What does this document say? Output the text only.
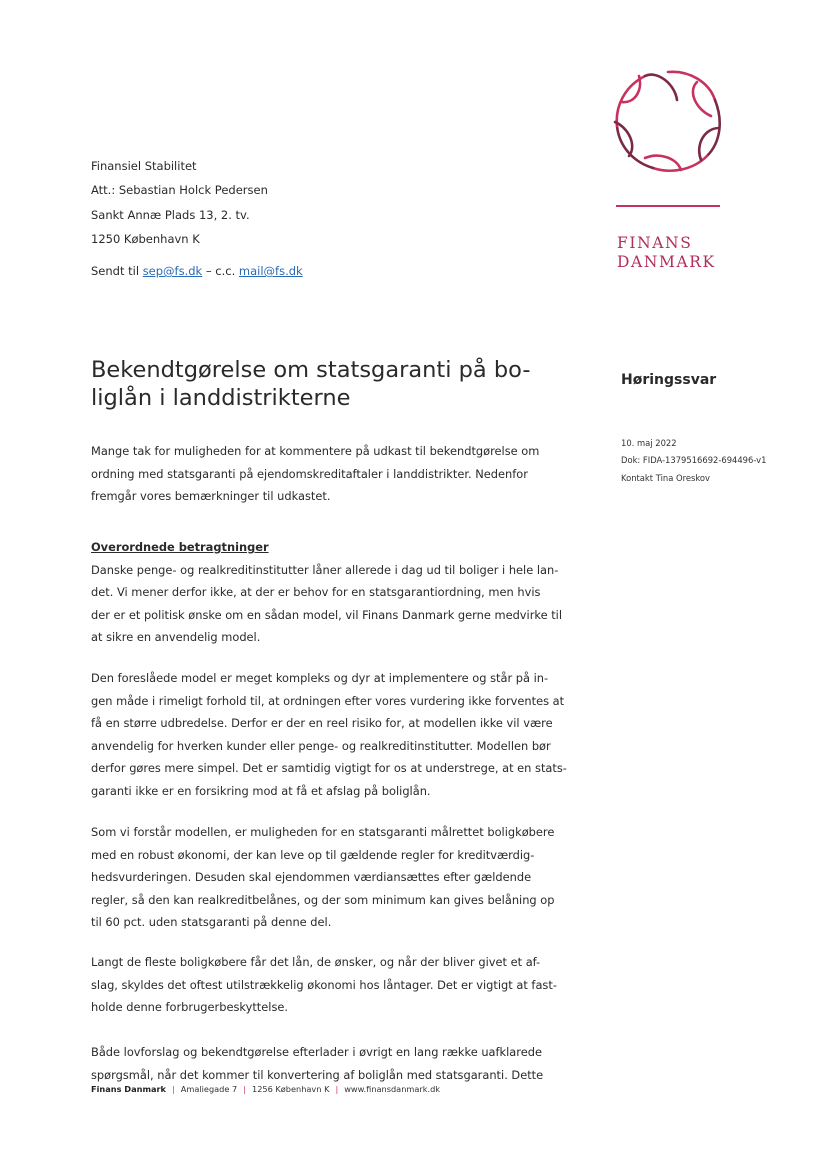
Finansiel Stabilitet
Att.: Sebastian Holck Pedersen
Sankt Annæ Plads 13, 2. tv.
1250 København K
Sendt til sep@fs.dk – c.c. mail@fs.dk
FINANS
DANMARK
Bekendtgørelse om statsgaranti på bo-liglån i landdistrikterne
Høringssvar
10. maj 2022
Dok: FIDA-1379516692-694496-v1
Kontakt Tina Oreskov
Mange tak for muligheden for at kommentere på udkast til bekendtgørelse om
ordning med statsgaranti på ejendomskreditaftaler i landdistrikter. Nedenfor
fremgår vores bemærkninger til udkastet.
Overordnede betragtninger
Danske penge- og realkreditinstitutter låner allerede i dag ud til boliger i hele lan-
det. Vi mener derfor ikke, at der er behov for en statsgarantiordning, men hvis
der er et politisk ønske om en sådan model, vil Finans Danmark gerne medvirke til
at sikre en anvendelig model.
Den foreslåede model er meget kompleks og dyr at implementere og står på in-
gen måde i rimeligt forhold til, at ordningen efter vores vurdering ikke forventes at
få en større udbredelse. Derfor er der en reel risiko for, at modellen ikke vil være
anvendelig for hverken kunder eller penge- og realkreditinstitutter. Modellen bør
derfor gøres mere simpel. Det er samtidig vigtigt for os at understrege, at en stats-
garanti ikke er en forsikring mod at få et afslag på boliglån.
Som vi forstår modellen, er muligheden for en statsgaranti målrettet boligkøbere
med en robust økonomi, der kan leve op til gældende regler for kreditværdig-
hedsvurderingen. Desuden skal ejendommen værdiansættes efter gældende
regler, så den kan realkreditbelånes, og der som minimum kan gives belåning op
til 60 pct. uden statsgaranti på denne del.
Langt de fleste boligkøbere får det lån, de ønsker, og når der bliver givet et af-
slag, skyldes det oftest utilstrækkelig økonomi hos låntager. Det er vigtigt at fast-
holde denne forbrugerbeskyttelse.
Både lovforslag og bekendtgørelse efterlader i øvrigt en lang række uafklarede
spørgsmål, når det kommer til konvertering af boliglån med statsgaranti. Dette
Finans Danmark | Amaliegade 7 | 1256 København K | www.finansdanmark.dk
